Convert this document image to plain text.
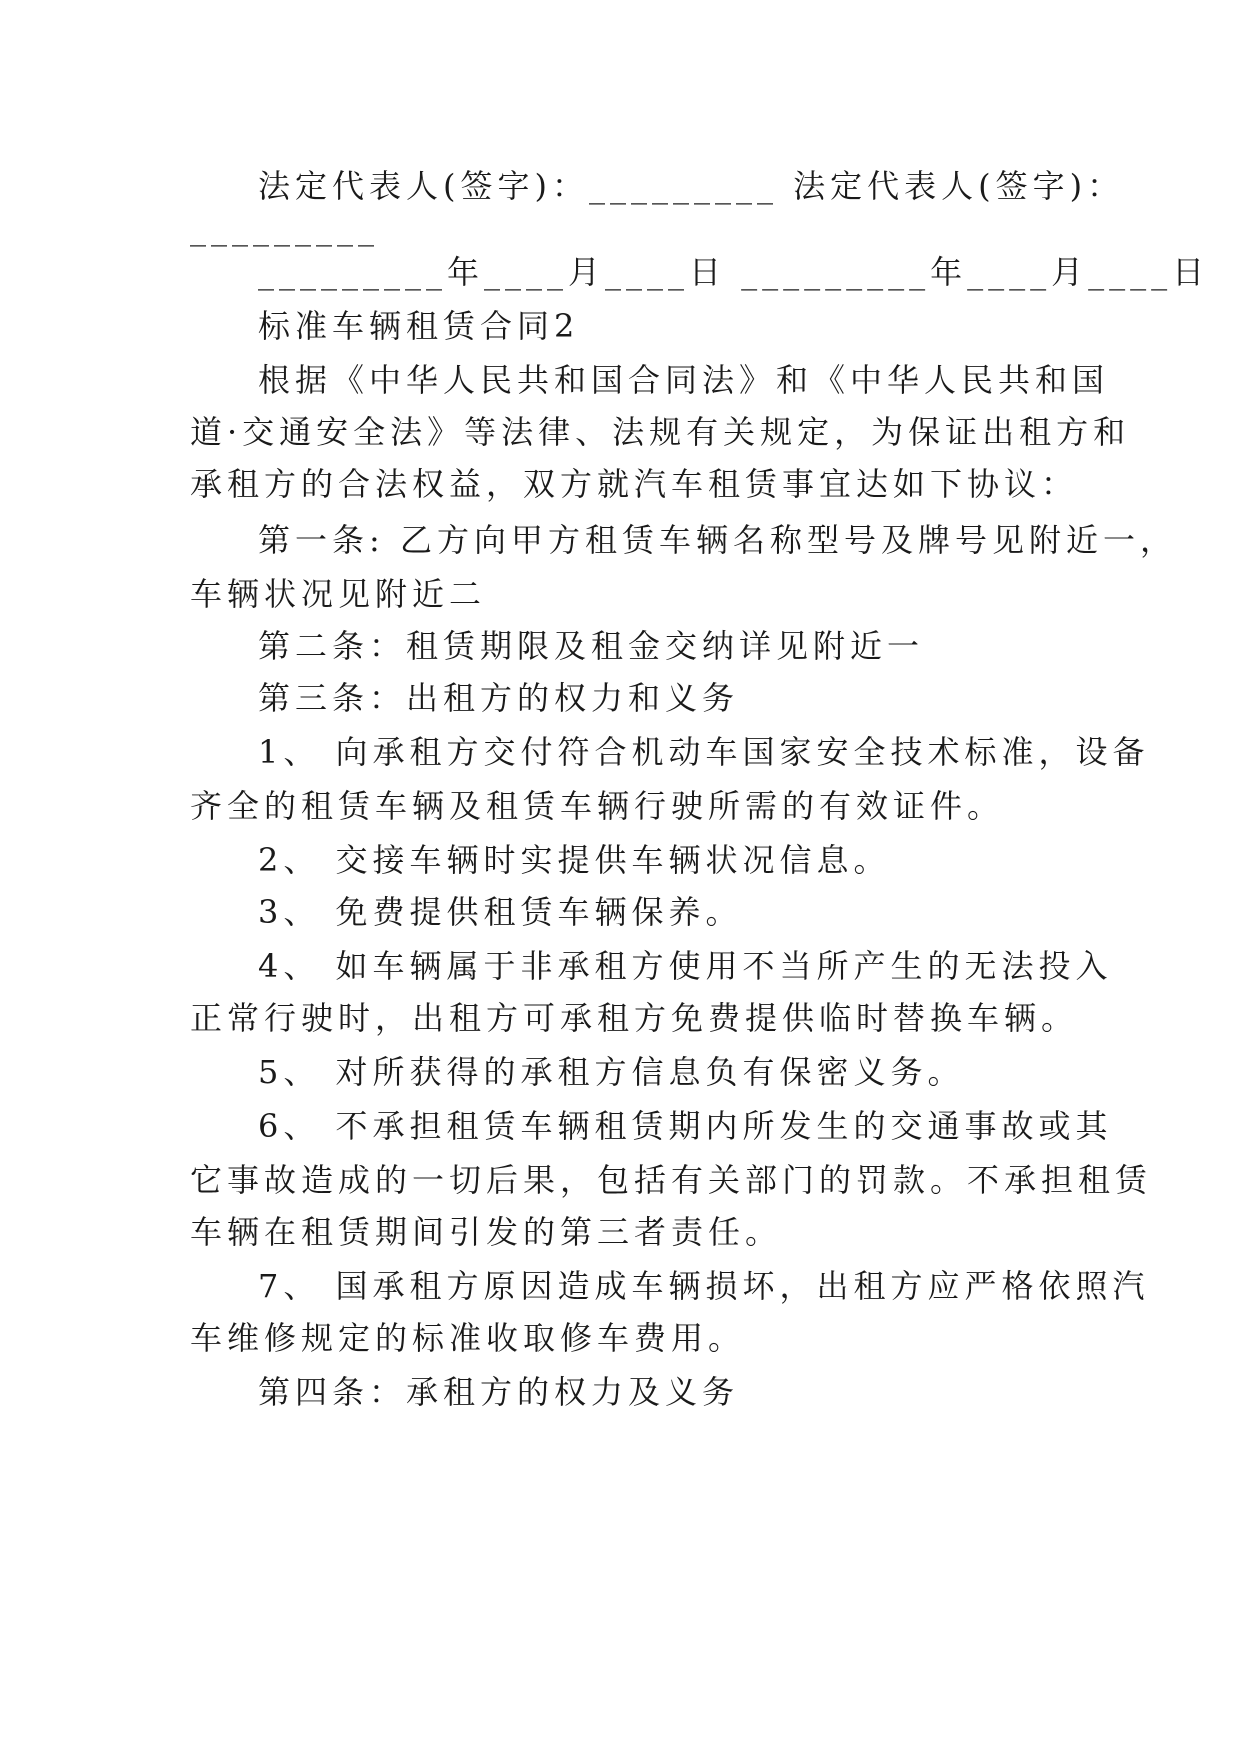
法定代表人(签字)：_________ 法定代表人(签字)：
_________
_________年____月____日 _________年____月____日
标准车辆租赁合同2
根据《中华人民共和国合同法》和《中华人民共和国
道·交通安全法》等法律、法规有关规定，为保证出租方和
承租方的合法权益，双方就汽车租赁事宜达如下协议：
第一条: 乙方向甲方租赁车辆名称型号及牌号见附近一，
车辆状况见附近二
第二条：租赁期限及租金交纳详见附近一
第三条：出租方的权力和义务
1、 向承租方交付符合机动车国家安全技术标准，设备
齐全的租赁车辆及租赁车辆行驶所需的有效证件。
2、 交接车辆时实提供车辆状况信息。
3、 免费提供租赁车辆保养。
4、 如车辆属于非承租方使用不当所产生的无法投入
正常行驶时，出租方可承租方免费提供临时替换车辆。
5、 对所获得的承租方信息负有保密义务。
6、 不承担租赁车辆租赁期内所发生的交通事故或其
它事故造成的一切后果，包括有关部门的罚款。不承担租赁
车辆在租赁期间引发的第三者责任。
7、 国承租方原因造成车辆损坏，出租方应严格依照汽
车维修规定的标准收取修车费用。
第四条：承租方的权力及义务
